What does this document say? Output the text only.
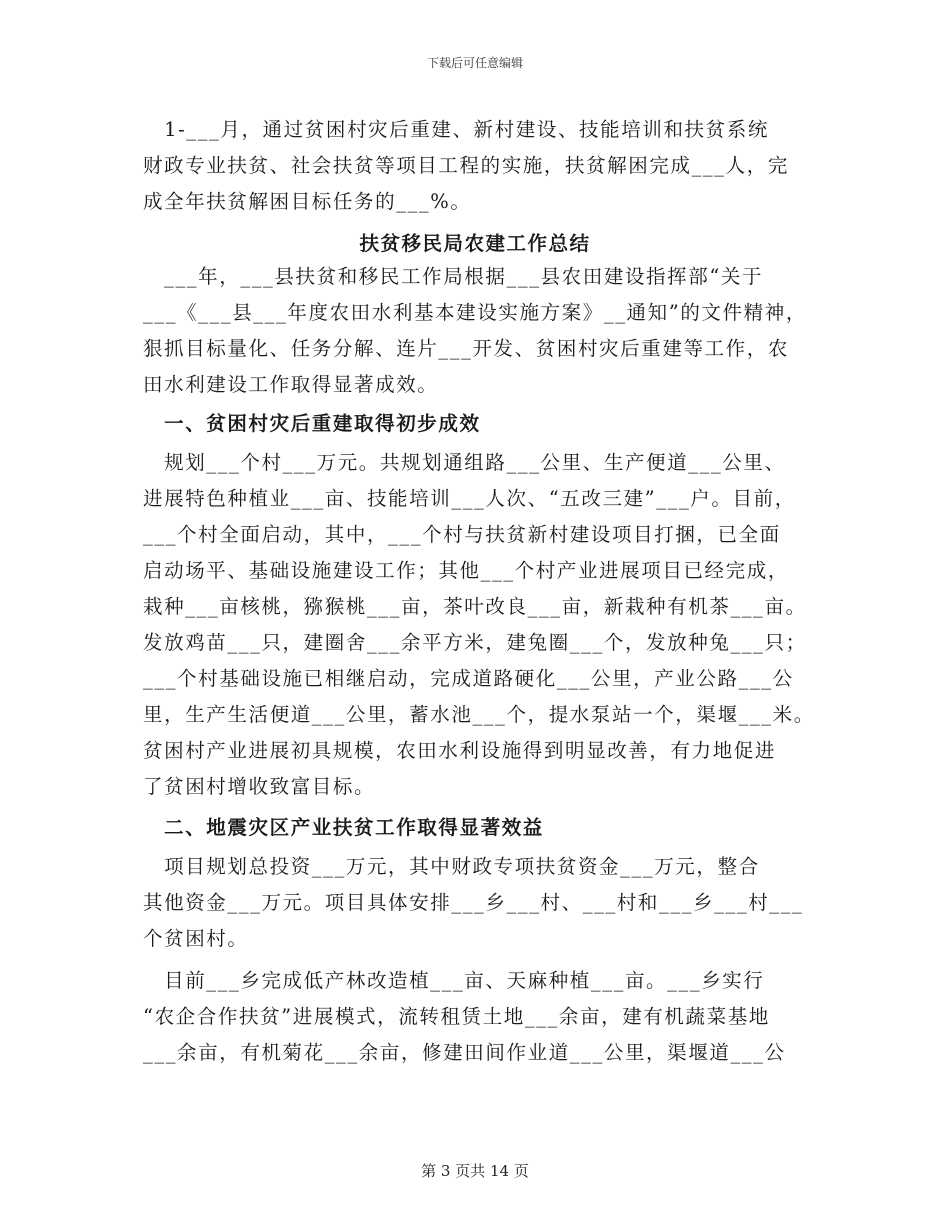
下载后可任意编辑
　1-___月，通过贫困村灾后重建、新村建设、技能培训和扶贫系统
财政专业扶贫、社会扶贫等项目工程的实施，扶贫解困完成___人，完
成全年扶贫解困目标任务的___%。
扶贫移民局农建工作总结
　___年，___县扶贫和移民工作局根据___县农田建设指挥部“关于
___《___县___年度农田水利基本建设实施方案》__通知”的文件精神，
狠抓目标量化、任务分解、连片___开发、贫困村灾后重建等工作，农
田水利建设工作取得显著成效。
　一、贫困村灾后重建取得初步成效
　规划___个村___万元。共规划通组路___公里、生产便道___公里、
进展特色种植业___亩、技能培训___人次、“五改三建”___户。目前，
___个村全面启动，其中，___个村与扶贫新村建设项目打捆，已全面
启动场平、基础设施建设工作；其他___个村产业进展项目已经完成，
栽种___亩核桃，猕猴桃___亩，茶叶改良___亩，新栽种有机茶___亩。
发放鸡苗___只，建圈舍___余平方米，建兔圈___个，发放种兔___只；
___个村基础设施已相继启动，完成道路硬化___公里，产业公路___公
里，生产生活便道___公里，蓄水池___个，提水泵站一个，渠堰___米。
贫困村产业进展初具规模，农田水利设施得到明显改善，有力地促进
了贫困村增收致富目标。
　二、地震灾区产业扶贫工作取得显著效益
　项目规划总投资___万元，其中财政专项扶贫资金___万元，整合
其他资金___万元。项目具体安排___乡___村、___村和___乡___村___
个贫困村。
　目前___乡完成低产林改造植___亩、天麻种植___亩。___乡实行
“农企合作扶贫”进展模式，流转租赁土地___余亩，建有机蔬菜基地
___余亩，有机菊花___余亩，修建田间作业道___公里，渠堰道___公
第 3 页共 14 页
